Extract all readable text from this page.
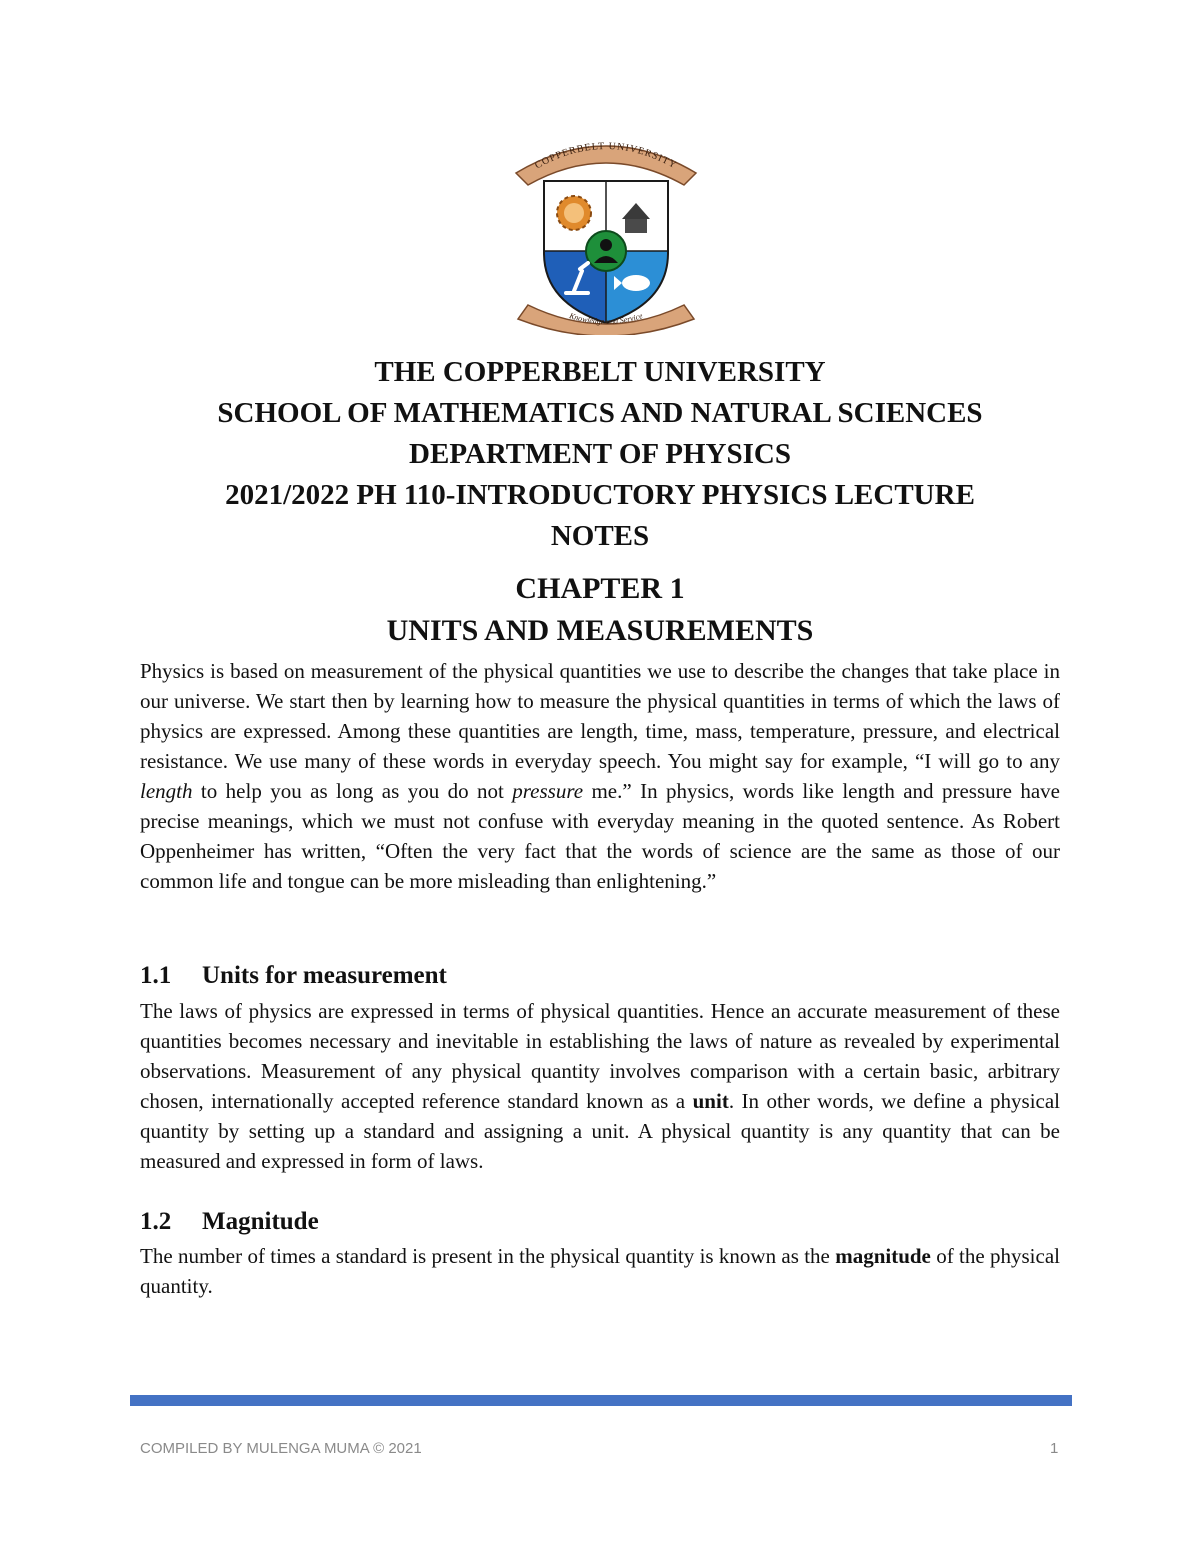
COPPERBELT UNIVERSITY
Knowledge and Service
THE COPPERBELT UNIVERSITY
SCHOOL OF MATHEMATICS AND NATURAL SCIENCES
DEPARTMENT OF PHYSICS
2021/2022 PH 110-INTRODUCTORY PHYSICS LECTURE
NOTES
CHAPTER 1
UNITS AND MEASUREMENTS

Physics is based on measurement of the physical quantities we use to describe the changes that take place in our universe. We start then by learning how to measure the physical quantities in terms of which the laws of physics are expressed. Among these quantities are length, time, mass, temperature, pressure, and electrical resistance. We use many of these words in everyday speech. You might say for example, “I will go to any length to help you as long as you do not pressure me.” In physics, words like length and pressure have precise meanings, which we must not confuse with everyday meaning in the quoted sentence. As Robert Oppenheimer has written, “Often the very fact that the words of science are the same as those of our common life and tongue can be more misleading than enlightening.”

1.1 Units for measurement

The laws of physics are expressed in terms of physical quantities. Hence an accurate measurement of these quantities becomes necessary and inevitable in establishing the laws of nature as revealed by experimental observations. Measurement of any physical quantity involves comparison with a certain basic, arbitrary chosen, internationally accepted reference standard known as a unit. In other words, we define a physical quantity by setting up a standard and assigning a unit. A physical quantity is any quantity that can be measured and expressed in form of laws.

1.2 Magnitude

The number of times a standard is present in the physical quantity is known as the magnitude of the physical quantity.

COMPILED BY MULENGA MUMA © 2021	1
